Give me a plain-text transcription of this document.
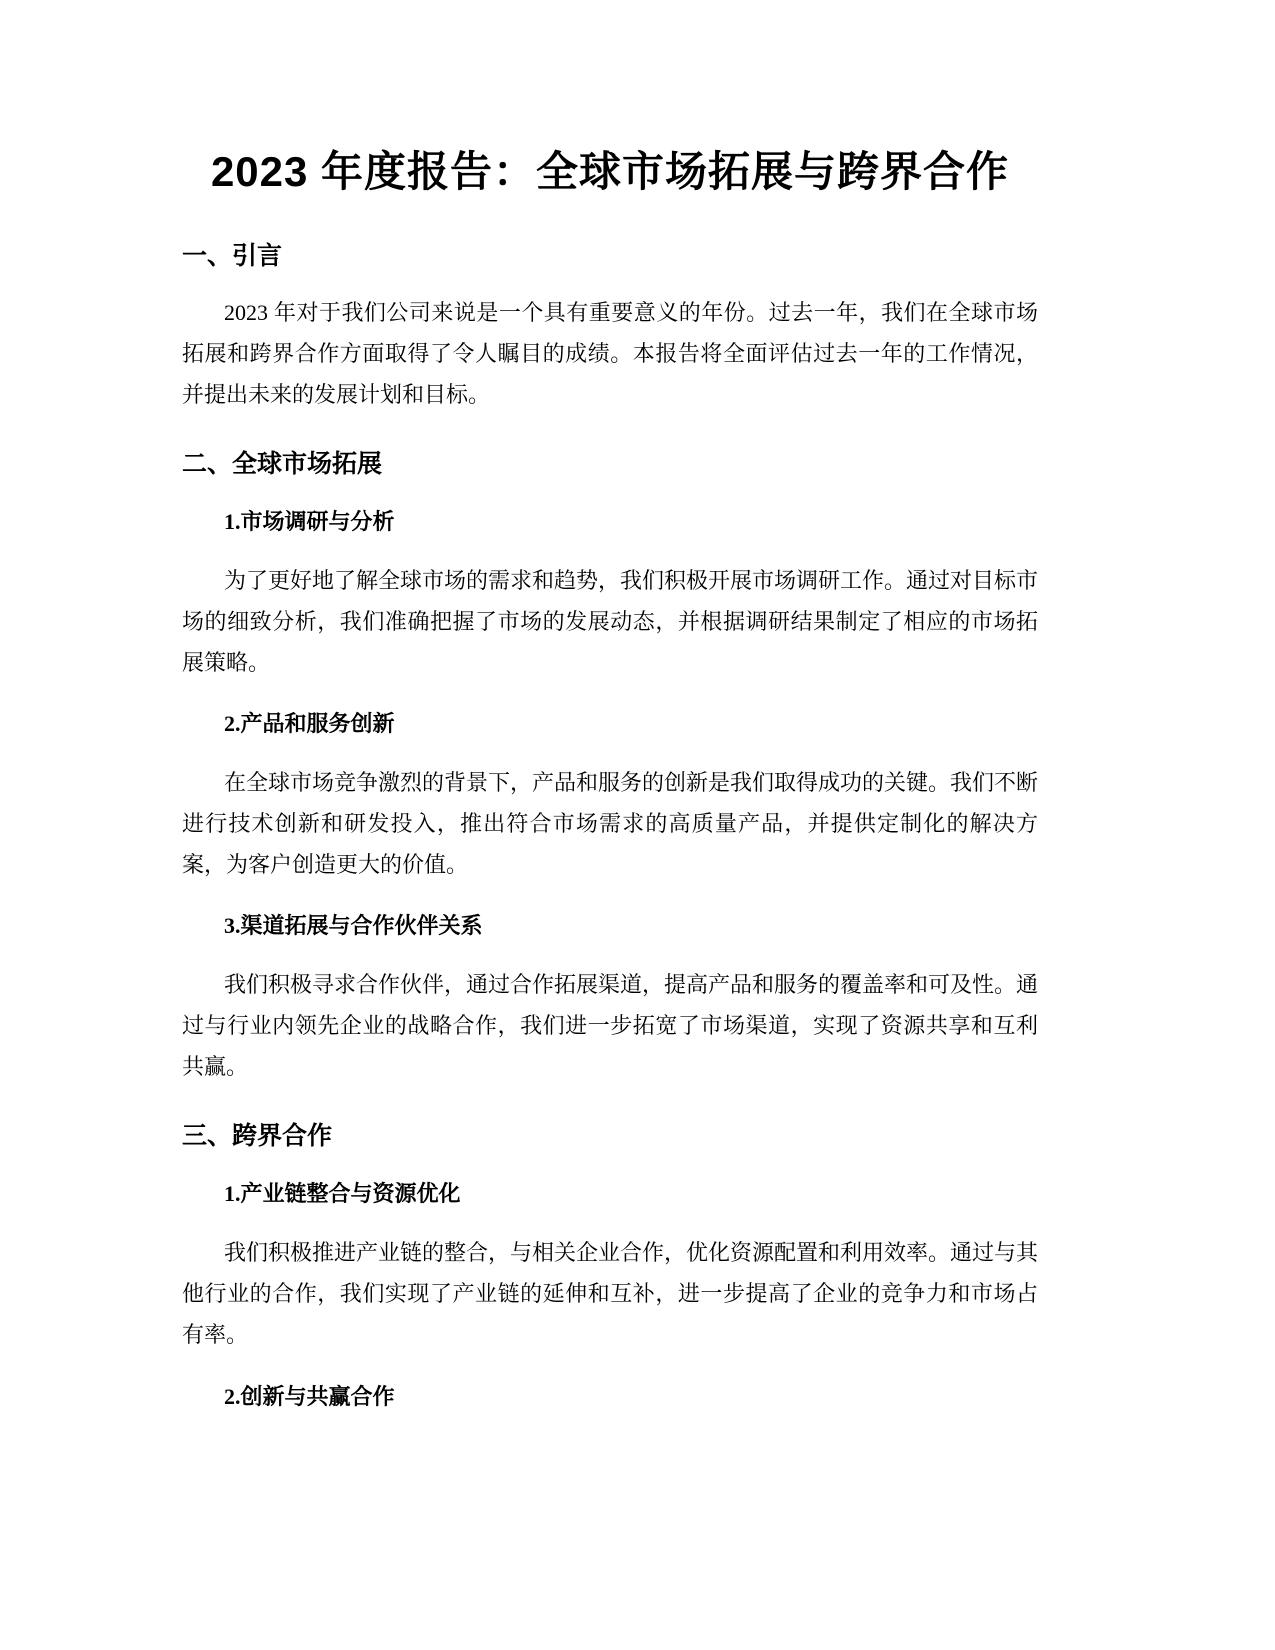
2023 年度报告：全球市场拓展与跨界合作
一、引言

2023 年对于我们公司来说是一个具有重要意义的年份。过去一年，我们在全球市场拓展和跨界合作方面取得了令人瞩目的成绩。本报告将全面评估过去一年的工作情况，并提出未来的发展计划和目标。

二、全球市场拓展
1.市场调研与分析

为了更好地了解全球市场的需求和趋势，我们积极开展市场调研工作。通过对目标市场的细致分析，我们准确把握了市场的发展动态，并根据调研结果制定了相应的市场拓展策略。

2.产品和服务创新

在全球市场竞争激烈的背景下，产品和服务的创新是我们取得成功的关键。我们不断进行技术创新和研发投入，推出符合市场需求的高质量产品，并提供定制化的解决方案，为客户创造更大的价值。

3.渠道拓展与合作伙伴关系

我们积极寻求合作伙伴，通过合作拓展渠道，提高产品和服务的覆盖率和可及性。通过与行业内领先企业的战略合作，我们进一步拓宽了市场渠道，实现了资源共享和互利共赢。

三、跨界合作
1.产业链整合与资源优化

我们积极推进产业链的整合，与相关企业合作，优化资源配置和利用效率。通过与其他行业的合作，我们实现了产业链的延伸和互补，进一步提高了企业的竞争力和市场占有率。

2.创新与共赢合作
